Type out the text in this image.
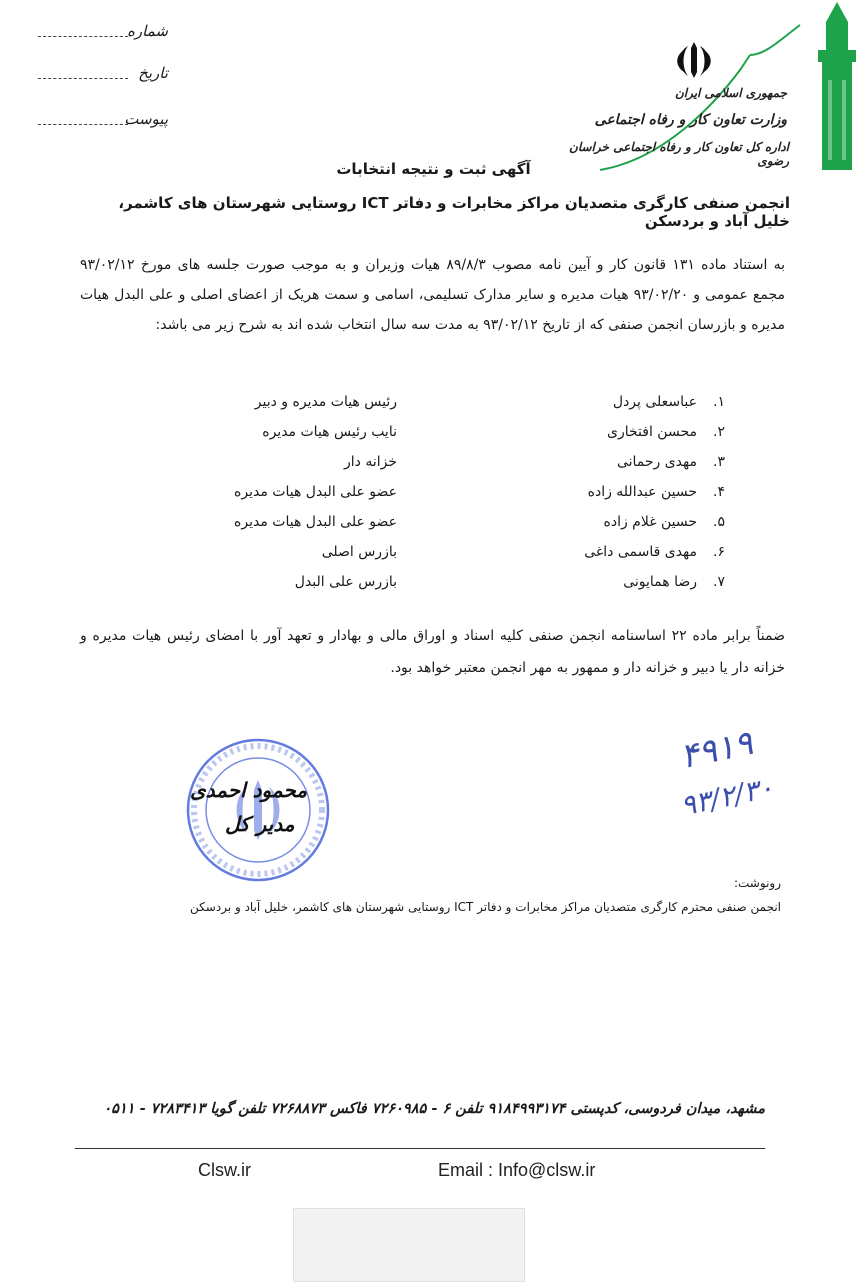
شماره
تاریخ
پیوست
جمهوری اسلامی ایران
وزارت تعاون کار و رفاه اجتماعی
اداره کل تعاون کار و رفاه اجتماعی خراسان رضوی
آگهی ثبت و نتیجه انتخابات
انجمن صنفی کارگری متصدیان مراکز مخابرات و دفاتر ICT روستایی شهرستان های کاشمر، خلیل آباد و بردسکن
به استناد ماده ۱۳۱ قانون کار و آیین نامه مصوب ۸۹/۸/۳ هیات وزیران و به موجب صورت جلسه های مورخ ۹۳/۰۲/۱۲ مجمع عمومی و ۹۳/۰۲/۲۰ هیات مدیره و سایر مدارک تسلیمی، اسامی و سمت هریک از اعضای اصلی و علی البدل هیات مدیره و بازرسان انجمن صنفی که از تاریخ ۹۳/۰۲/۱۲ به مدت سه سال انتخاب شده اند به شرح زیر می باشد:
۱.
عباسعلی پردل
رئیس هیات مدیره و دبیر
۲.
محسن افتخاری
نایب رئیس هیات مدیره
۳.
مهدی رحمانی
خزانه دار
۴.
حسین عبدالله زاده
عضو علی البدل هیات مدیره
۵.
حسین غلام زاده
عضو علی البدل هیات مدیره
۶.
مهدی قاسمی داغی
بازرس اصلی
۷.
رضا همایونی
بازرس علی البدل
ضمناً برابر ماده ۲۲ اساسنامه انجمن صنفی کلیه اسناد و اوراق مالی و بهادار و تعهد آور با امضای رئیس هیات مدیره و خزانه دار یا دبیر و خزانه دار و ممهور به مهر انجمن معتبر خواهد بود.
محمود احمدی
مدیر کل
۴۹۱۹
۹۳/۲/۳۰
رونوشت:
انجمن صنفی محترم کارگری متصدیان مراکز مخابرات و دفاتر ICT روستایی شهرستان های کاشمر، خلیل آباد و بردسکن
مشهد، میدان فردوسی، کدپستی ۹۱۸۴۹۹۳۱۷۴ تلفن ۶ - ۷۲۶۰۹۸۵ فاکس ۷۲۶۸۸۷۳ تلفن گویا ۷۲۸۳۴۱۳ - ۰۵۱۱
Clsw.ir	Email : Info@clsw.ir
